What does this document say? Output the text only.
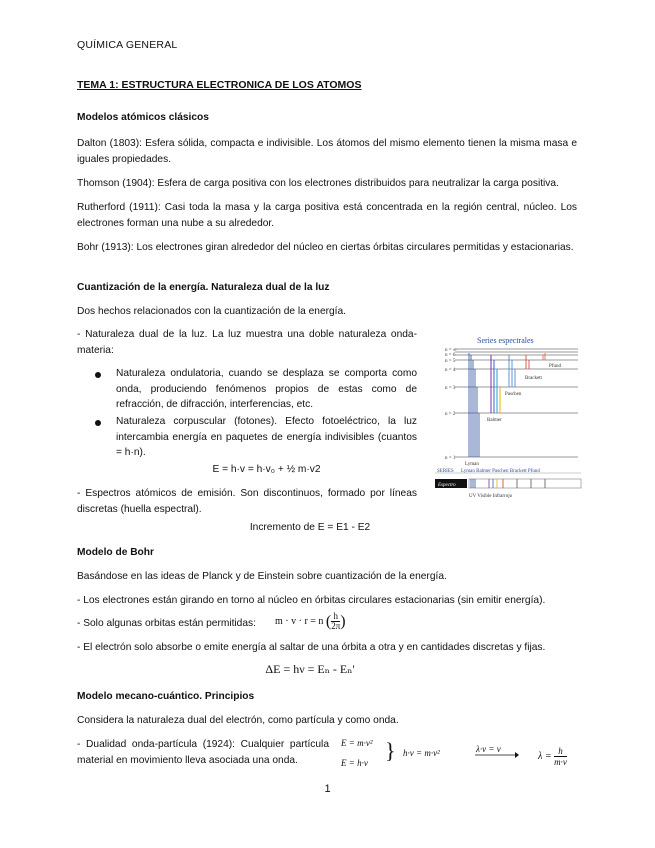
QUÍMICA GENERAL
TEMA 1: ESTRUCTURA ELECTRONICA DE LOS ATOMOS
Modelos atómicos clásicos
Dalton (1803): Esfera sólida, compacta e indivisible. Los átomos del mismo elemento tienen la misma masa e iguales propiedades.
Thomson (1904): Esfera de carga positiva con los electrones distribuidos para neutralizar la carga positiva.
Rutherford (1911): Casi toda la masa y la carga positiva está concentrada en la región central, núcleo. Los electrones forman una nube a su alrededor.
Bohr (1913): Los electrones giran alrededor del núcleo en ciertas órbitas circulares permitidas y estacionarias.
Cuantización de la energía. Naturaleza dual de la luz
Dos hechos relacionados con la cuantización de la energía.
- Naturaleza dual de la luz. La luz muestra una doble naturaleza onda-materia:
Naturaleza ondulatoria, cuando se desplaza se comporta como onda, produciendo fenómenos propios de estas como de refracción, de difracción, interferencias, etc.
Naturaleza corpuscular (fotones). Efecto fotoeléctrico, la luz intercambia energía en paquetes de energía indivisibles (cuantos = h·n).
E = h·v = h·v₀ + ½ m·v2
- Espectros atómicos de emisión. Son discontinuos, formado por líneas discretas (huella espectral).
Incremento de E = E1 - E2
Series espectrales
n = ∞
n = 6
n = 5
n = 4
n = 3
n = 2
n = 1
Lyman
Balmer
Paschen
Brackett
Pfund
SERIES Lyman Balmer Paschen Brackett Pfund
Espectro
UV Visible Infrarrojo
Modelo de Bohr
Basándose en las ideas de Planck y de Einstein sobre cuantización de la energía.
- Los electrones están girando en torno al núcleo en órbitas circulares estacionarias (sin emitir energía).
- Solo algunas orbitas están permitidas: m · v · r = n ( $\frac{h}{2\pi}$ )
- El electrón solo absorbe o emite energía al saltar de una órbita a otra y en cantidades discretas y fijas.
ΔE = hν = Eₙ - Eₙ'
Modelo mecano-cuántico. Principios
Considera la naturaleza dual del electrón, como partícula y como onda.
- Dualidad onda-partícula (1924): Cualquier partícula material en movimiento lleva asociada una onda.
E = m·v²
E = h·v } h·v = m·v²	λ·v = v
$\lambda = \frac{h}{m\cdot v}$
1
